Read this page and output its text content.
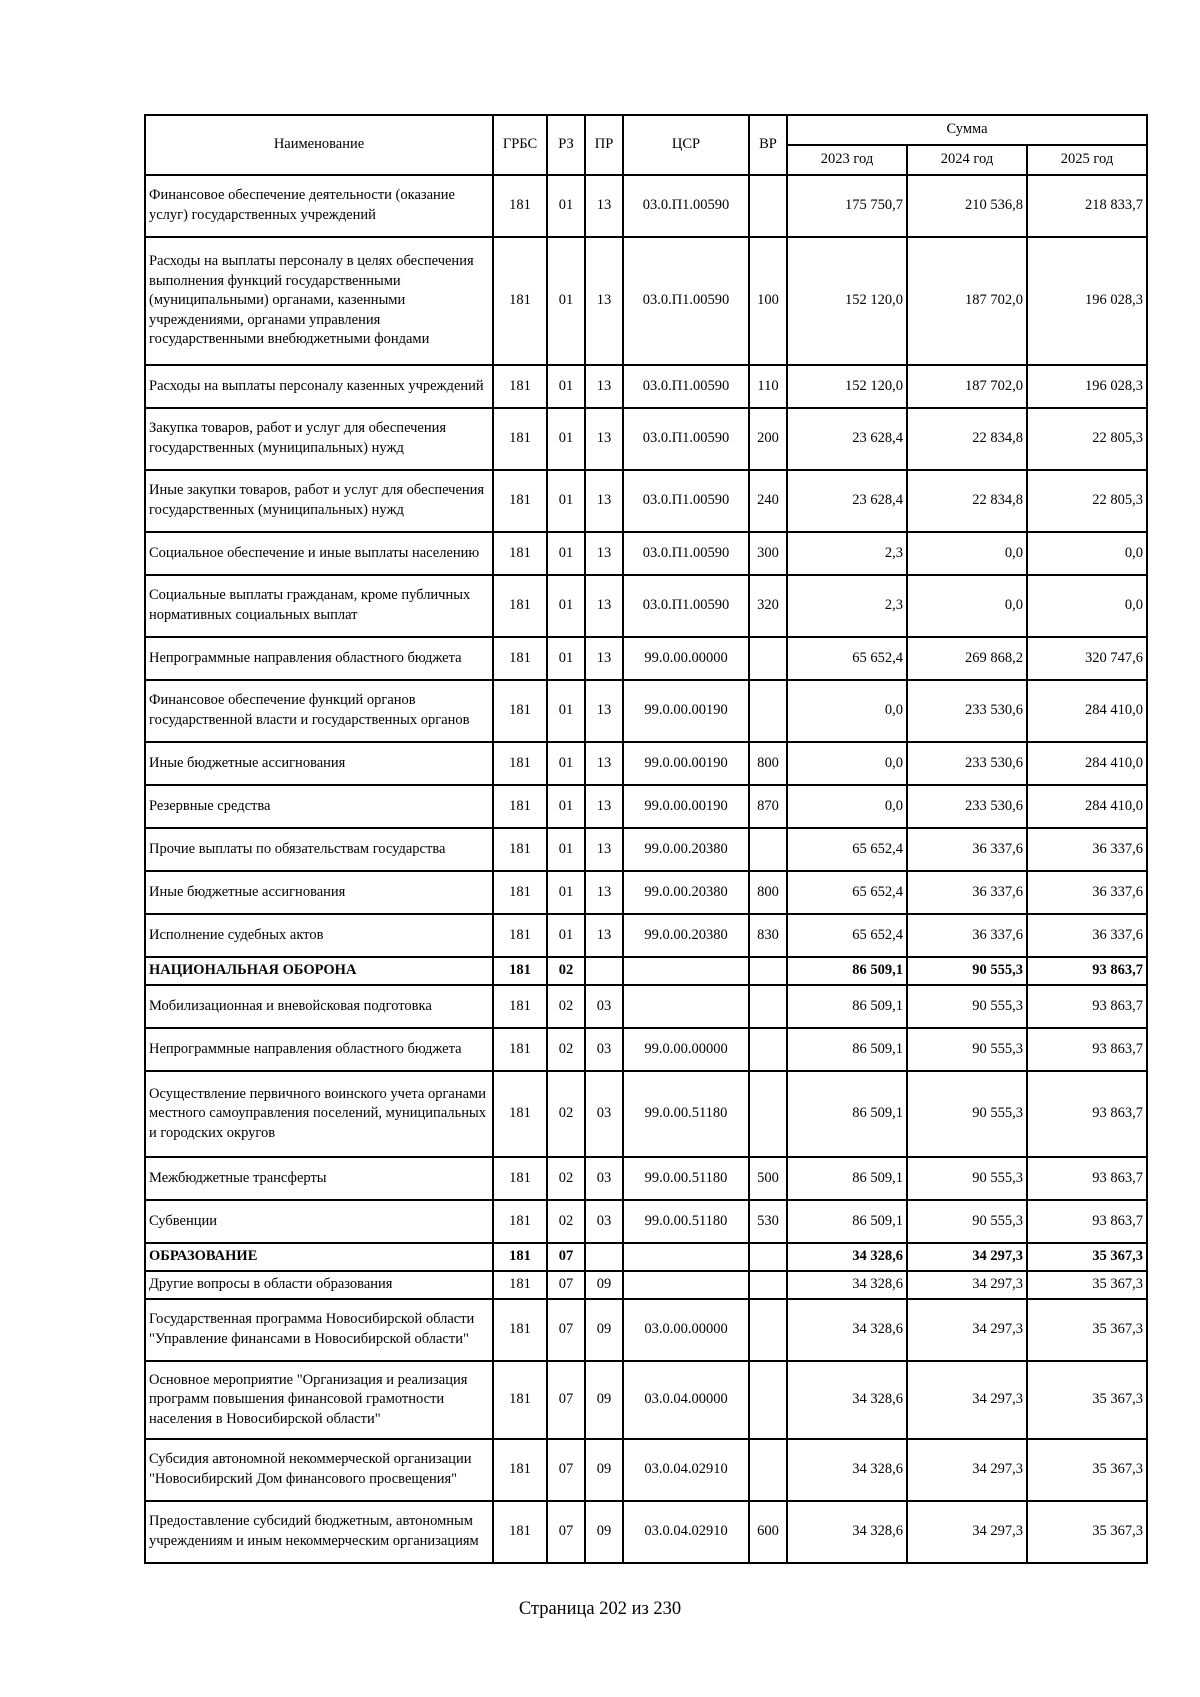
Наименование	ГРБС	РЗ	ПР	ЦСР	ВР	Сумма		
						2023 год	2024 год	2025 год
Финансовое обеспечение деятельности (оказание услуг) государственных учреждений	181	01	13	03.0.П1.00590		175 750,7	210 536,8	218 833,7
Расходы на выплаты персоналу в целях обеспечения выполнения функций государственными (муниципальными) органами, казенными учреждениями, органами управления государственными внебюджетными фондами	181	01	13	03.0.П1.00590	100	152 120,0	187 702,0	196 028,3
Расходы на выплаты персоналу казенных учреждений	181	01	13	03.0.П1.00590	110	152 120,0	187 702,0	196 028,3
Закупка товаров, работ и услуг для обеспечения государственных (муниципальных) нужд	181	01	13	03.0.П1.00590	200	23 628,4	22 834,8	22 805,3
Иные закупки товаров, работ и услуг для обеспечения государственных (муниципальных) нужд	181	01	13	03.0.П1.00590	240	23 628,4	22 834,8	22 805,3
Социальное обеспечение и иные выплаты населению	181	01	13	03.0.П1.00590	300	2,3	0,0	0,0
Социальные выплаты гражданам, кроме публичных нормативных социальных выплат	181	01	13	03.0.П1.00590	320	2,3	0,0	0,0
Непрограммные направления областного бюджета	181	01	13	99.0.00.00000		65 652,4	269 868,2	320 747,6
Финансовое обеспечение функций органов государственной власти и государственных органов	181	01	13	99.0.00.00190		0,0	233 530,6	284 410,0
Иные бюджетные ассигнования	181	01	13	99.0.00.00190	800	0,0	233 530,6	284 410,0
Резервные средства	181	01	13	99.0.00.00190	870	0,0	233 530,6	284 410,0
Прочие выплаты по обязательствам государства	181	01	13	99.0.00.20380		65 652,4	36 337,6	36 337,6
Иные бюджетные ассигнования	181	01	13	99.0.00.20380	800	65 652,4	36 337,6	36 337,6
Исполнение судебных актов	181	01	13	99.0.00.20380	830	65 652,4	36 337,6	36 337,6
НАЦИОНАЛЬНАЯ ОБОРОНА	181	02				86 509,1	90 555,3	93 863,7
Мобилизационная и вневойсковая подготовка	181	02	03			86 509,1	90 555,3	93 863,7
Непрограммные направления областного бюджета	181	02	03	99.0.00.00000		86 509,1	90 555,3	93 863,7
Осуществление первичного воинского учета органами местного самоуправления поселений, муниципальных и городских округов	181	02	03	99.0.00.51180		86 509,1	90 555,3	93 863,7
Межбюджетные трансферты	181	02	03	99.0.00.51180	500	86 509,1	90 555,3	93 863,7
Субвенции	181	02	03	99.0.00.51180	530	86 509,1	90 555,3	93 863,7
ОБРАЗОВАНИЕ	181	07				34 328,6	34 297,3	35 367,3
Другие вопросы в области образования	181	07	09			34 328,6	34 297,3	35 367,3
Государственная программа Новосибирской области "Управление финансами в Новосибирской области"	181	07	09	03.0.00.00000		34 328,6	34 297,3	35 367,3
Основное мероприятие "Организация и реализация программ повышения финансовой грамотности населения в Новосибирской области"	181	07	09	03.0.04.00000		34 328,6	34 297,3	35 367,3
Субсидия автономной некоммерческой организации "Новосибирский Дом финансового просвещения"	181	07	09	03.0.04.02910		34 328,6	34 297,3	35 367,3
Предоставление субсидий бюджетным, автономным учреждениям и иным некоммерческим организациям	181	07	09	03.0.04.02910	600	34 328,6	34 297,3	35 367,3
Страница 202 из 230
